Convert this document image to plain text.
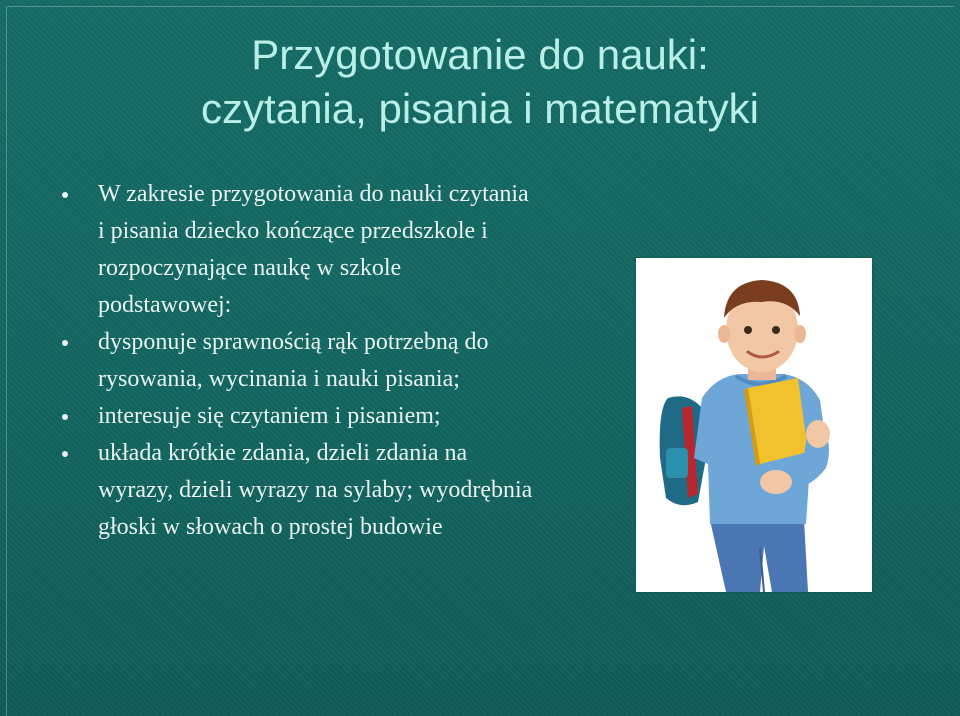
Przygotowanie do nauki:
czytania, pisania i matematyki

W zakresie przygotowania do nauki czytania i pisania dziecko kończące przedszkole i rozpoczynające naukę w szkole podstawowej:

dysponuje sprawnością rąk potrzebną do rysowania, wycinania i nauki pisania;

interesuje się czytaniem i pisaniem;

układa krótkie zdania, dzieli zdania na wyrazy, dzieli wyrazy na sylaby; wyodrębnia głoski w słowach o prostej budowie
